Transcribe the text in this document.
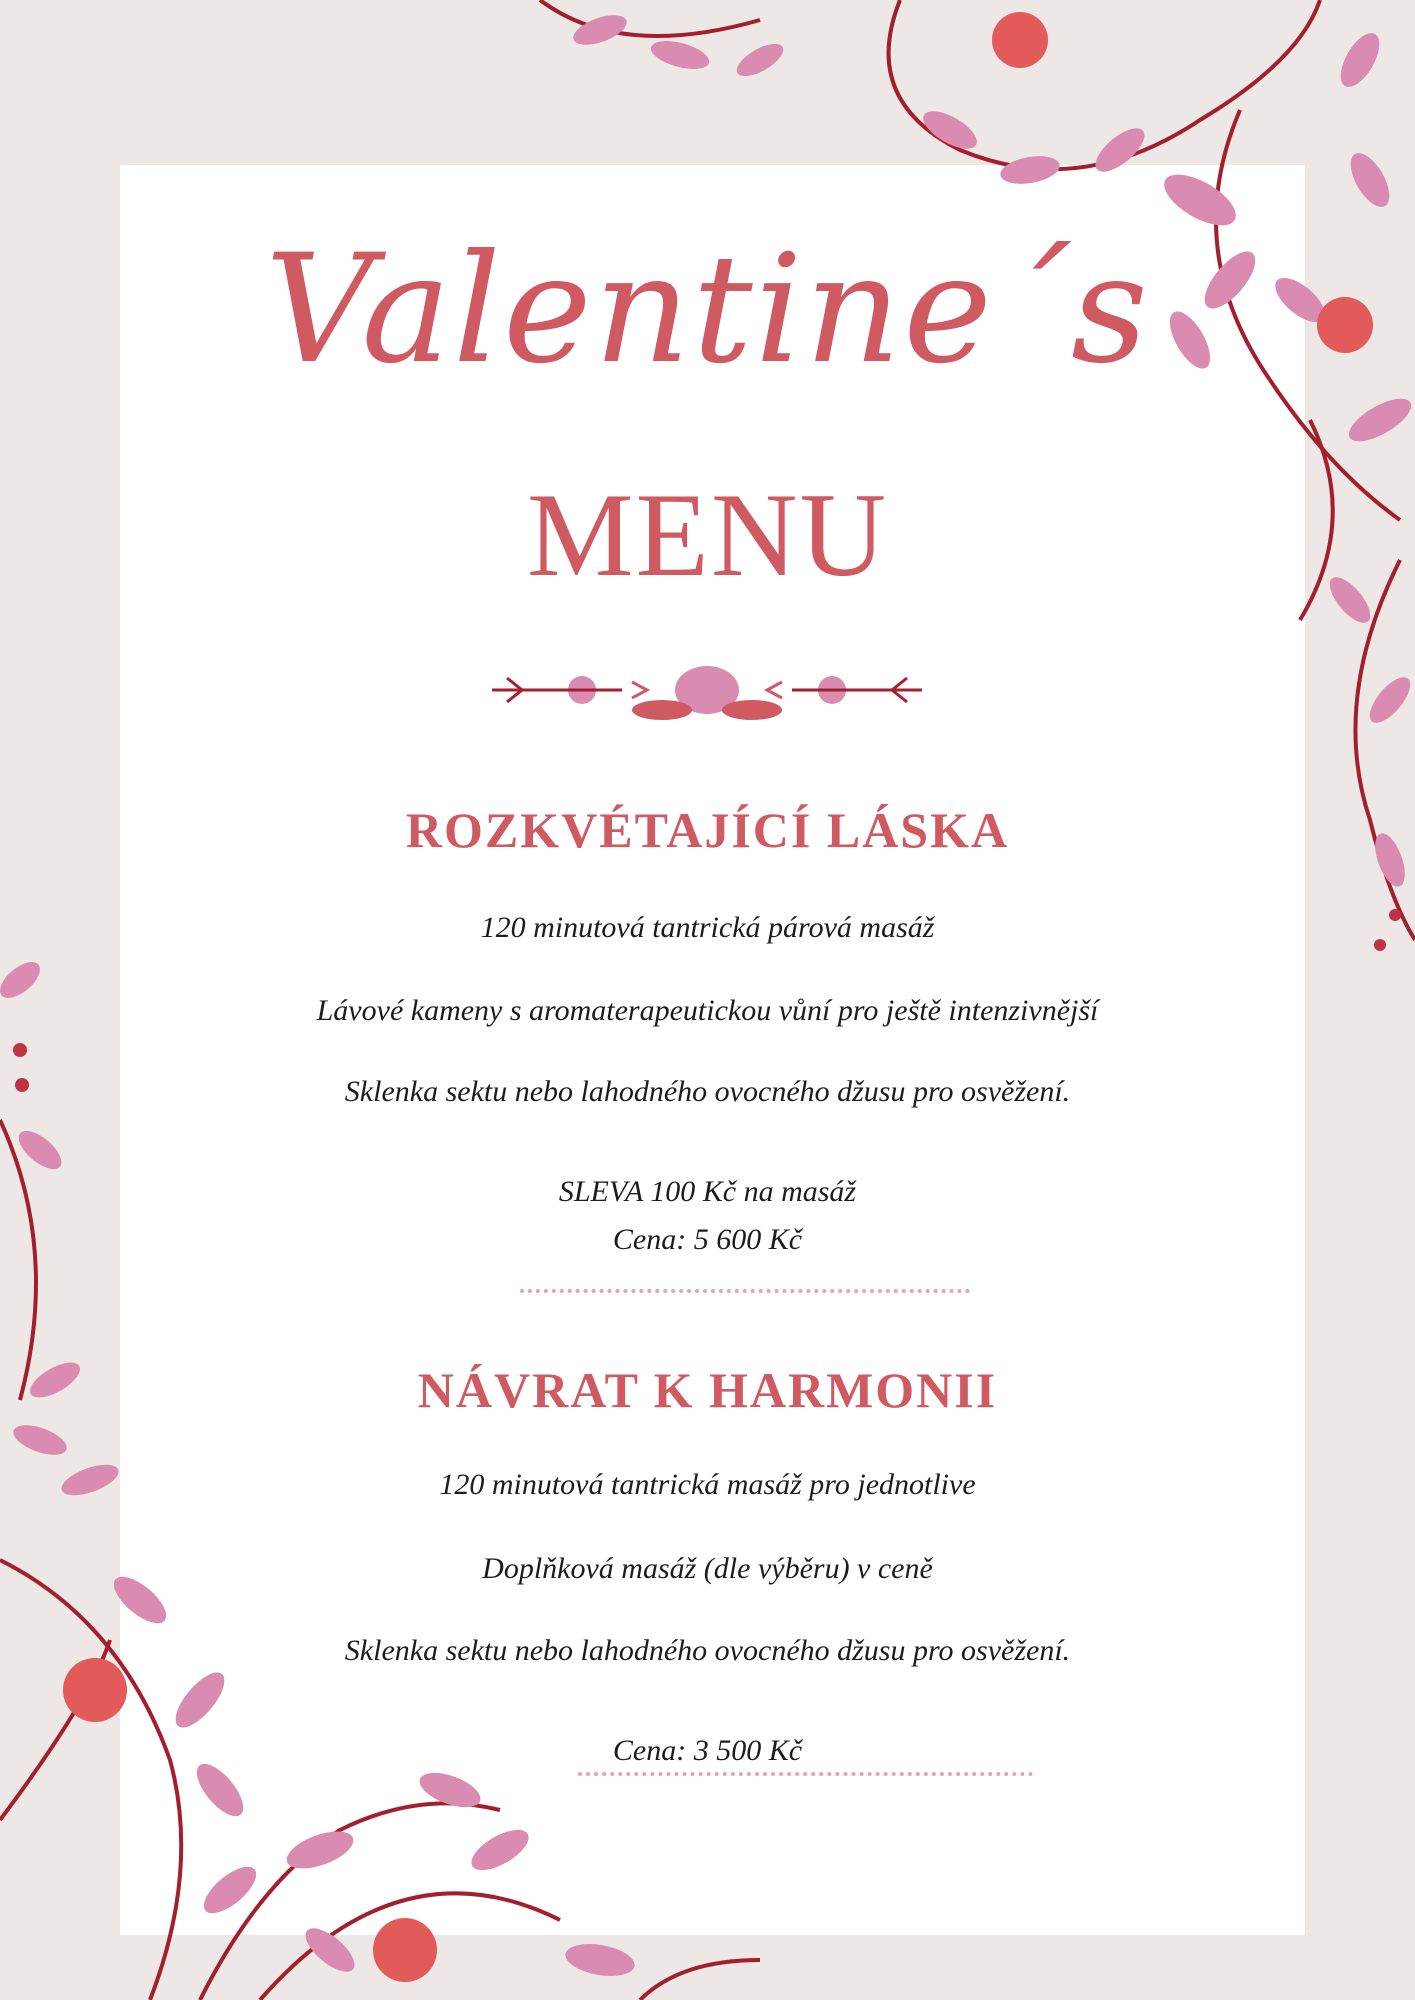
Valentine´s
MENU
ROZKVÉTAJÍCÍ LÁSKA
120 minutová tantrická párová masáž
Lávové kameny s aromaterapeutickou vůní pro ještě intenzivnější
Sklenka sektu nebo lahodného ovocného džusu pro osvěžení.
SLEVA 100 Kč na masáž
Cena: 5 600 Kč
NÁVRAT K HARMONII
120 minutová tantrická masáž pro jednotlive
Doplňková masáž (dle výběru) v ceně
Sklenka sektu nebo lahodného ovocného džusu pro osvěžení.
Cena: 3 500 Kč
